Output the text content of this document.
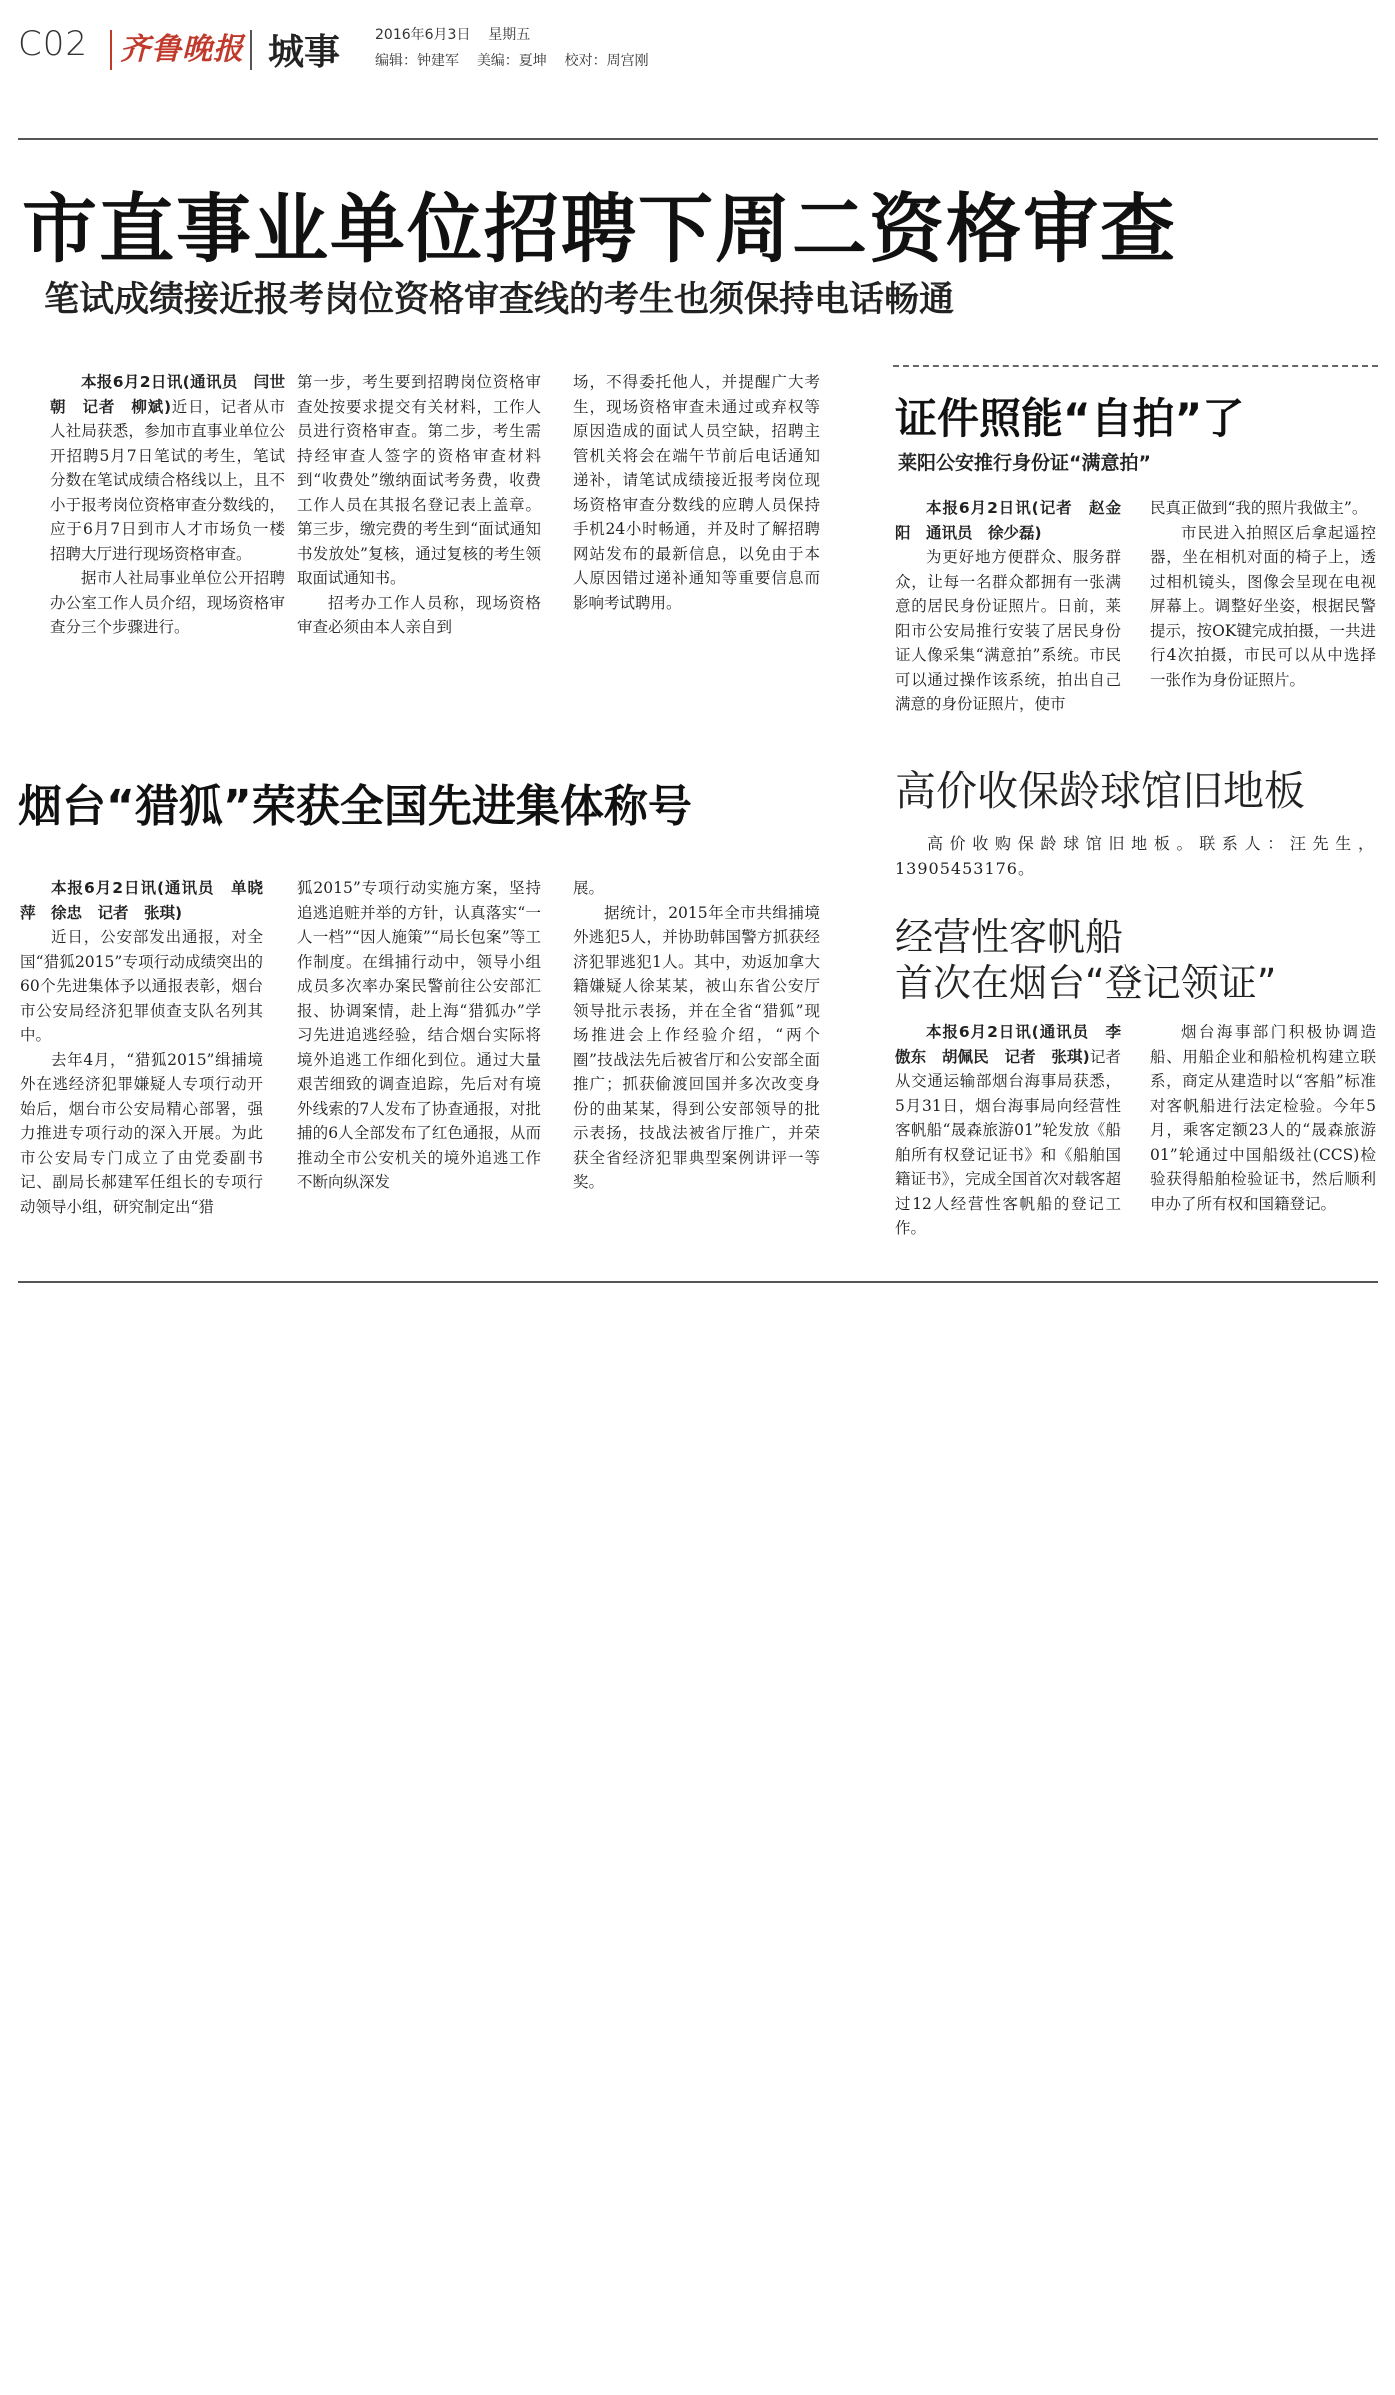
C02 齐鲁晚报 城事 2016年6月3日 星期五
编辑：钟建军 美编：夏坤 校对：周宫刚
市直事业单位招聘下周二资格审查
笔试成绩接近报考岗位资格审查线的考生也须保持电话畅通

本报6月2日讯(通讯员　闫世朝　记者　柳斌)近日，记者从市人社局获悉，参加市直事业单位公开招聘5月7日笔试的考生，笔试分数在笔试成绩合格线以上，且不小于报考岗位资格审查分数线的，应于6月7日到市人才市场负一楼招聘大厅进行现场资格审查。

据市人社局事业单位公开招聘办公室工作人员介绍，现场资格审查分三个步骤进行。

第一步，考生要到招聘岗位资格审查处按要求提交有关材料，工作人员进行资格审查。第二步，考生需持经审查人签字的资格审查材料到“收费处”缴纳面试考务费，收费工作人员在其报名登记表上盖章。第三步，缴完费的考生到“面试通知书发放处”复核，通过复核的考生领取面试通知书。

招考办工作人员称，现场资格审查必须由本人亲自到

场，不得委托他人，并提醒广大考生，现场资格审查未通过或弃权等原因造成的面试人员空缺，招聘主管机关将会在端午节前后电话通知递补，请笔试成绩接近报考岗位现场资格审查分数线的应聘人员保持手机24小时畅通，并及时了解招聘网站发布的最新信息，以免由于本人原因错过递补通知等重要信息而影响考试聘用。

证件照能“自拍”了
莱阳公安推行身份证“满意拍”

本报6月2日讯(记者　赵金阳　通讯员　徐少磊)

为更好地方便群众、服务群众，让每一名群众都拥有一张满意的居民身份证照片。日前，莱阳市公安局推行安装了居民身份证人像采集“满意拍”系统。市民可以通过操作该系统，拍出自己满意的身份证照片，使市

民真正做到“我的照片我做主”。

市民进入拍照区后拿起遥控器，坐在相机对面的椅子上，透过相机镜头，图像会呈现在电视屏幕上。调整好坐姿，根据民警提示，按OK键完成拍摄，一共进行4次拍摄，市民可以从中选择一张作为身份证照片。

烟台“猎狐”荣获全国先进集体称号

本报6月2日讯(通讯员　单晓萍　徐忠　记者　张琪)

近日，公安部发出通报，对全国“猎狐2015”专项行动成绩突出的60个先进集体予以通报表彰，烟台市公安局经济犯罪侦查支队名列其中。

去年4月，“猎狐2015”缉捕境外在逃经济犯罪嫌疑人专项行动开始后，烟台市公安局精心部署，强力推进专项行动的深入开展。为此市公安局专门成立了由党委副书记、副局长郝建军任组长的专项行动领导小组，研究制定出“猎

狐2015”专项行动实施方案，坚持追逃追赃并举的方针，认真落实“一人一档”“因人施策”“局长包案”等工作制度。在缉捕行动中，领导小组成员多次率办案民警前往公安部汇报、协调案情，赴上海“猎狐办”学习先进追逃经验，结合烟台实际将境外追逃工作细化到位。通过大量艰苦细致的调查追踪，先后对有境外线索的7人发布了协查通报，对批捕的6人全部发布了红色通报，从而推动全市公安机关的境外追逃工作不断向纵深发

展。

据统计，2015年全市共缉捕境外逃犯5人，并协助韩国警方抓获经济犯罪逃犯1人。其中，劝返加拿大籍嫌疑人徐某某，被山东省公安厅领导批示表扬，并在全省“猎狐”现场推进会上作经验介绍，“两个圈”技战法先后被省厅和公安部全面推广；抓获偷渡回国并多次改变身份的曲某某，得到公安部领导的批示表扬，技战法被省厅推广，并荣获全省经济犯罪典型案例讲评一等奖。

高价收保龄球馆旧地板

高价收购保龄球馆旧地板。联系人：汪先生，13905453176。

经营性客帆船
首次在烟台“登记领证”

本报6月2日讯(通讯员　李傲东　胡佩民　记者　张琪)记者从交通运输部烟台海事局获悉，5月31日，烟台海事局向经营性客帆船“晟森旅游01”轮发放《船舶所有权登记证书》和《船舶国籍证书》，完成全国首次对载客超过12人经营性客帆船的登记工作。

烟台海事部门积极协调造船、用船企业和船检机构建立联系，商定从建造时以“客船”标准对客帆船进行法定检验。今年5月，乘客定额23人的“晟森旅游01”轮通过中国船级社(CCS)检验获得船舶检验证书，然后顺利申办了所有权和国籍登记。
